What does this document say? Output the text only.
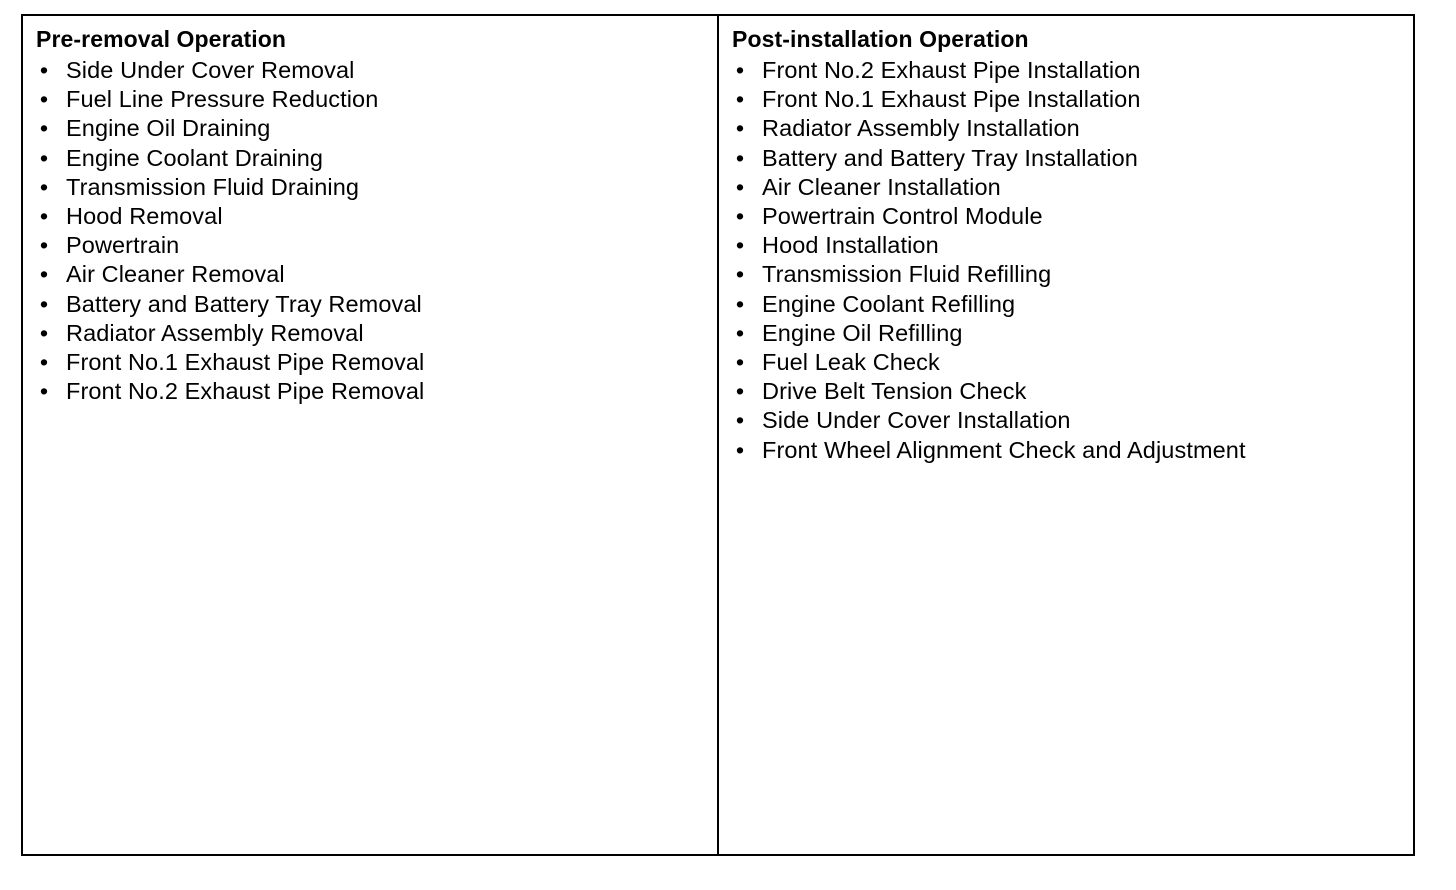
Pre-removal Operation

• Side Under Cover Removal
• Fuel Line Pressure Reduction
• Engine Oil Draining
• Engine Coolant Draining
• Transmission Fluid Draining
• Hood Removal
• Powertrain
• Air Cleaner Removal
• Battery and Battery Tray Removal
• Radiator Assembly Removal
• Front No.1 Exhaust Pipe Removal
• Front No.2 Exhaust Pipe Removal

Post-installation Operation

• Front No.2 Exhaust Pipe Installation
• Front No.1 Exhaust Pipe Installation
• Radiator Assembly Installation
• Battery and Battery Tray Installation
• Air Cleaner Installation
• Powertrain Control Module
• Hood Installation
• Transmission Fluid Refilling
• Engine Coolant Refilling
• Engine Oil Refilling
• Fuel Leak Check
• Drive Belt Tension Check
• Side Under Cover Installation
• Front Wheel Alignment Check and Adjustment
